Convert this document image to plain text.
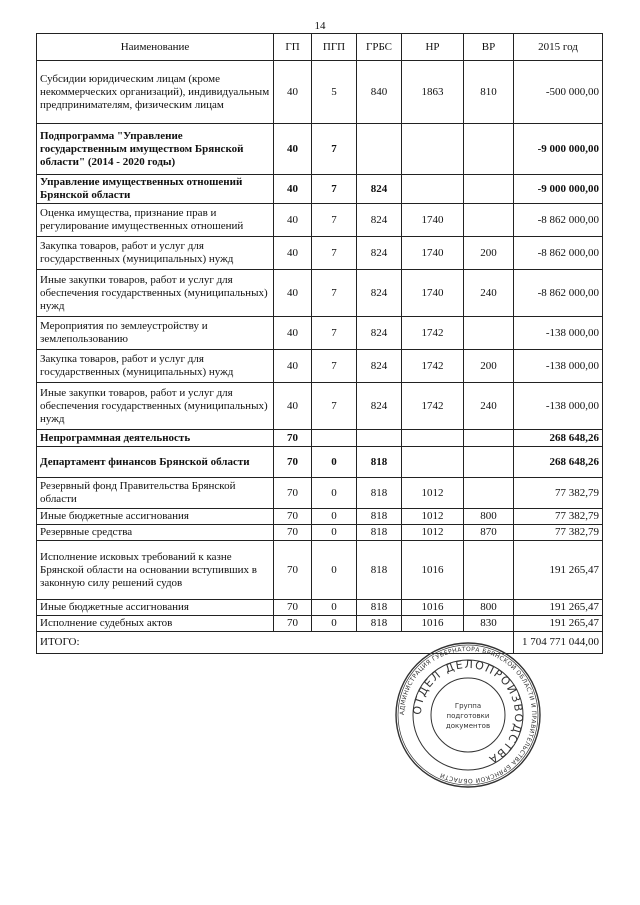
14
Наименование	ГП	ПГП	ГРБС	НР	ВР	2015 год
Субсидии юридическим лицам (кроме некоммерческих организаций), индивидуальным предпринимателям, физическим лицам	40	5	840	1863	810	-500 000,00
Подпрограмма "Управление государственным имуществом Брянской области" (2014 - 2020 годы)	40	7				-9 000 000,00
Управление имущественных отношений Брянской области	40	7	824			-9 000 000,00
Оценка имущества, признание прав и регулирование имущественных отношений	40	7	824	1740		-8 862 000,00
Закупка товаров, работ и услуг для государственных (муниципальных) нужд	40	7	824	1740	200	-8 862 000,00
Иные закупки товаров, работ и услуг для обеспечения государственных (муниципальных) нужд	40	7	824	1740	240	-8 862 000,00
Мероприятия по землеустройству и землепользованию	40	7	824	1742		-138 000,00
Закупка товаров, работ и услуг для государственных (муниципальных) нужд	40	7	824	1742	200	-138 000,00
Иные закупки товаров, работ и услуг для обеспечения государственных (муниципальных) нужд	40	7	824	1742	240	-138 000,00
Непрограммная деятельность	70					268 648,26
Департамент финансов Брянской области	70	0	818			268 648,26
Резервный фонд Правительства Брянской области	70	0	818	1012		77 382,79
Иные бюджетные ассигнования	70	0	818	1012	800	77 382,79
Резервные средства	70	0	818	1012	870	77 382,79
Исполнение исковых требований к казне Брянской области на основании вступивших в законную силу решений судов	70	0	818	1016		191 265,47
Иные бюджетные ассигнования	70	0	818	1016	800	191 265,47
Исполнение судебных актов	70	0	818	1016	830	191 265,47
ИТОГО:						1 704 771 044,00
АДМИНИСТРАЦИЯ ГУБЕРНАТОРА БРЯНСКОЙ ОБЛАСТИ И ПРАВИТЕЛЬСТВА БРЯНСКОЙ ОБЛАСТИ
ОТДЕЛ ДЕЛОПРОИЗВОДСТВА
Группа
подготовки
документов
